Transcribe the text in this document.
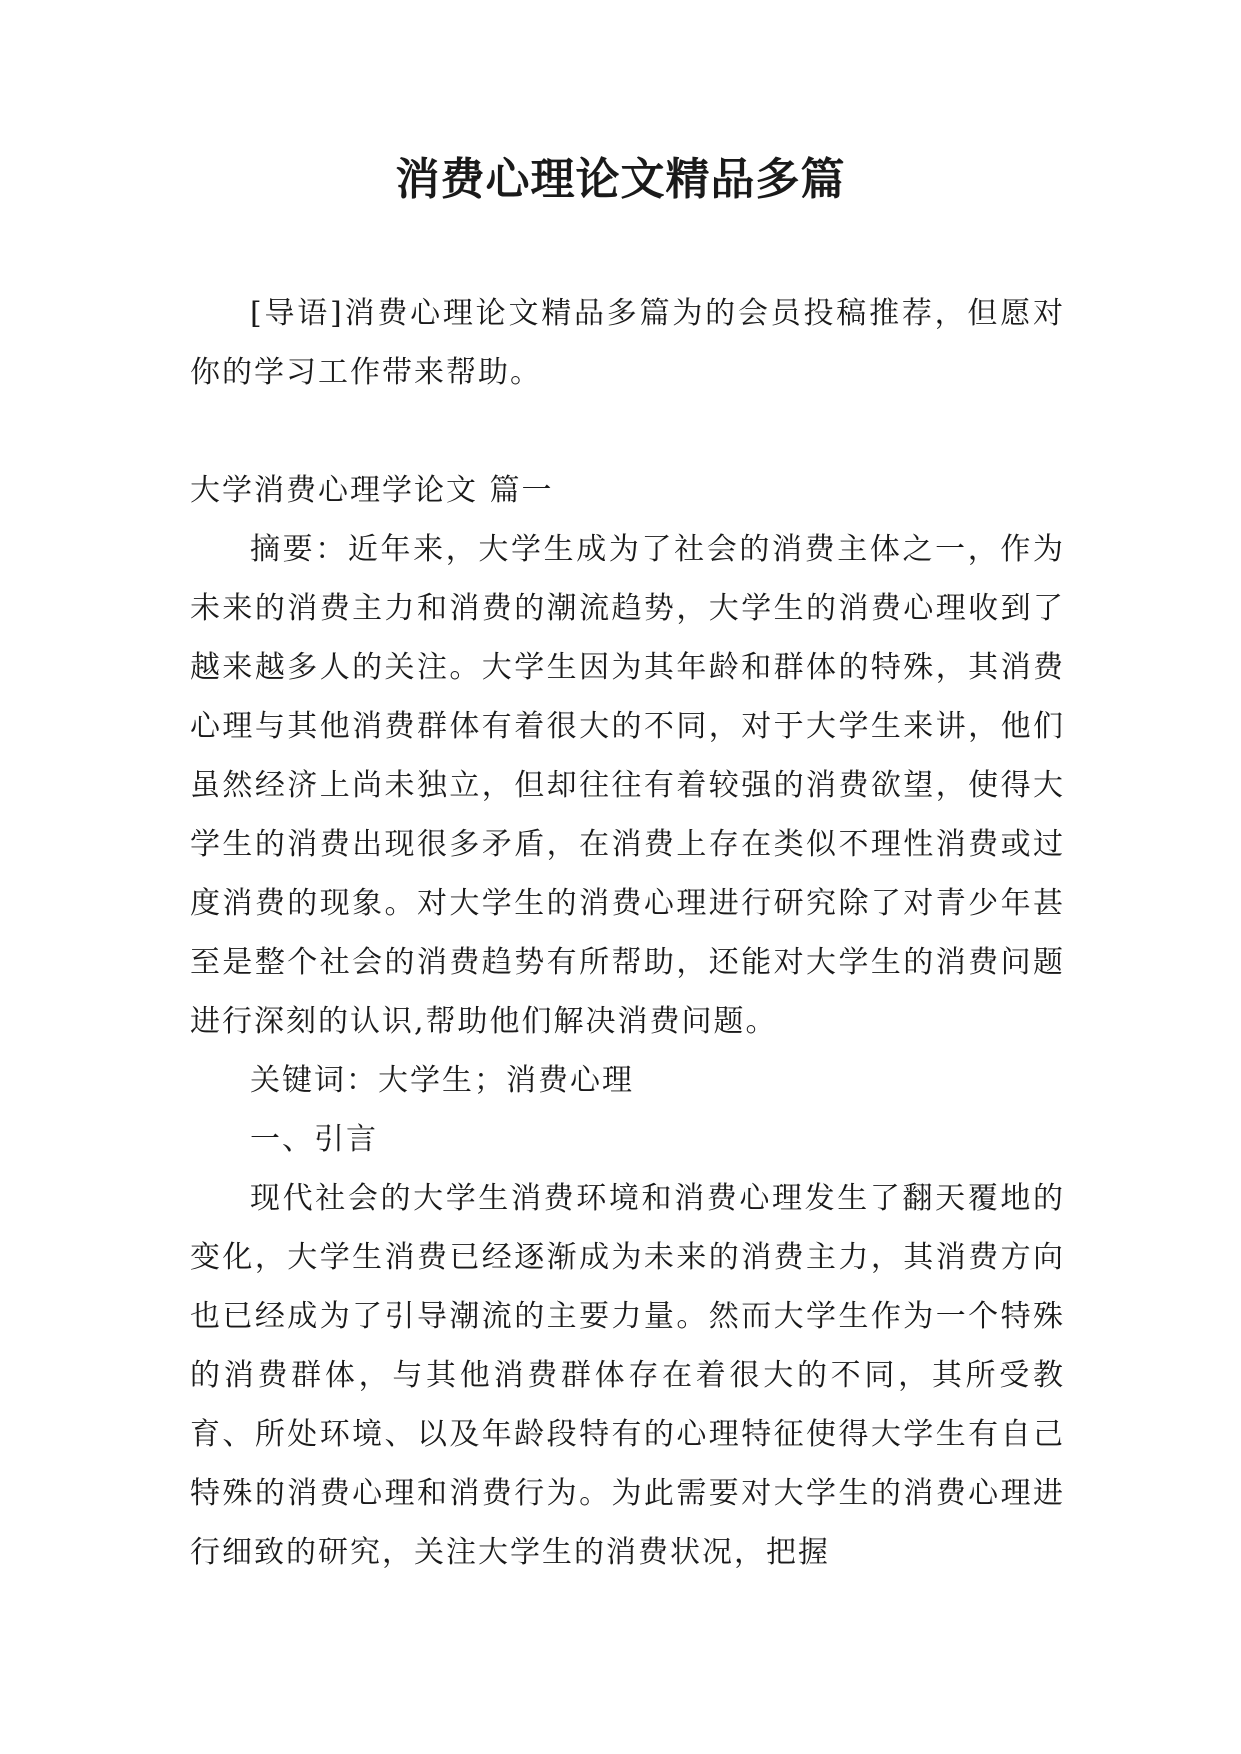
消费心理论文精品多篇

[导语]消费心理论文精品多篇为的会员投稿推荐，但愿对你的学习工作带来帮助。

大学消费心理学论文 篇一

摘要：近年来，大学生成为了社会的消费主体之一，作为未来的消费主力和消费的潮流趋势，大学生的消费心理收到了越来越多人的关注。大学生因为其年龄和群体的特殊，其消费心理与其他消费群体有着很大的不同，对于大学生来讲，他们虽然经济上尚未独立，但却往往有着较强的消费欲望，使得大学生的消费出现很多矛盾，在消费上存在类似不理性消费或过度消费的现象。对大学生的消费心理进行研究除了对青少年甚至是整个社会的消费趋势有所帮助，还能对大学生的消费问题进行深刻的认识,帮助他们解决消费问题。

关键词：大学生；消费心理

一、引言

现代社会的大学生消费环境和消费心理发生了翻天覆地的变化，大学生消费已经逐渐成为未来的消费主力，其消费方向也已经成为了引导潮流的主要力量。然而大学生作为一个特殊的消费群体，与其他消费群体存在着很大的不同，其所受教育、所处环境、以及年龄段特有的心理特征使得大学生有自己特殊的消费心理和消费行为。为此需要对大学生的消费心理进行细致的研究，关注大学生的消费状况，把握
